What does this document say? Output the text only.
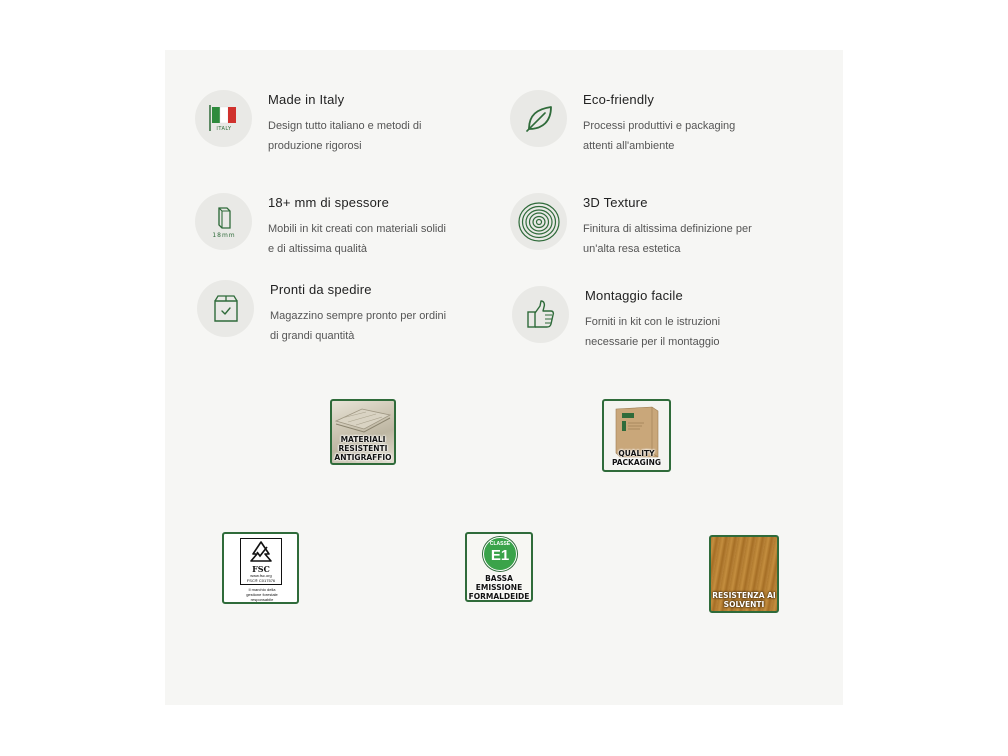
ITALY
Made in Italy
Design tutto italiano e metodi di produzione rigorosi
Eco-friendly
Processi produttivi e packaging attenti all'ambiente
18mm
18+ mm di spessore
Mobili in kit creati con materiali solidi e di altissima qualità
3D Texture
Finitura di altissima definizione per un'alta resa estetica
Pronti da spedire
Magazzino sempre pronto per ordini di grandi quantità
Montaggio facile
Forniti in kit con le istruzioni necessarie per il montaggio
MATERIALI RESISTENTI ANTIGRAFFIO	QUALITY PACKAGING
FSC
www.fsc.org
FSC® C017576
Il marchio della gestione forestale responsabile
CLASSE
E1
BASSA EMISSIONE FORMALDEIDE	RESISTENZA AI SOLVENTI
